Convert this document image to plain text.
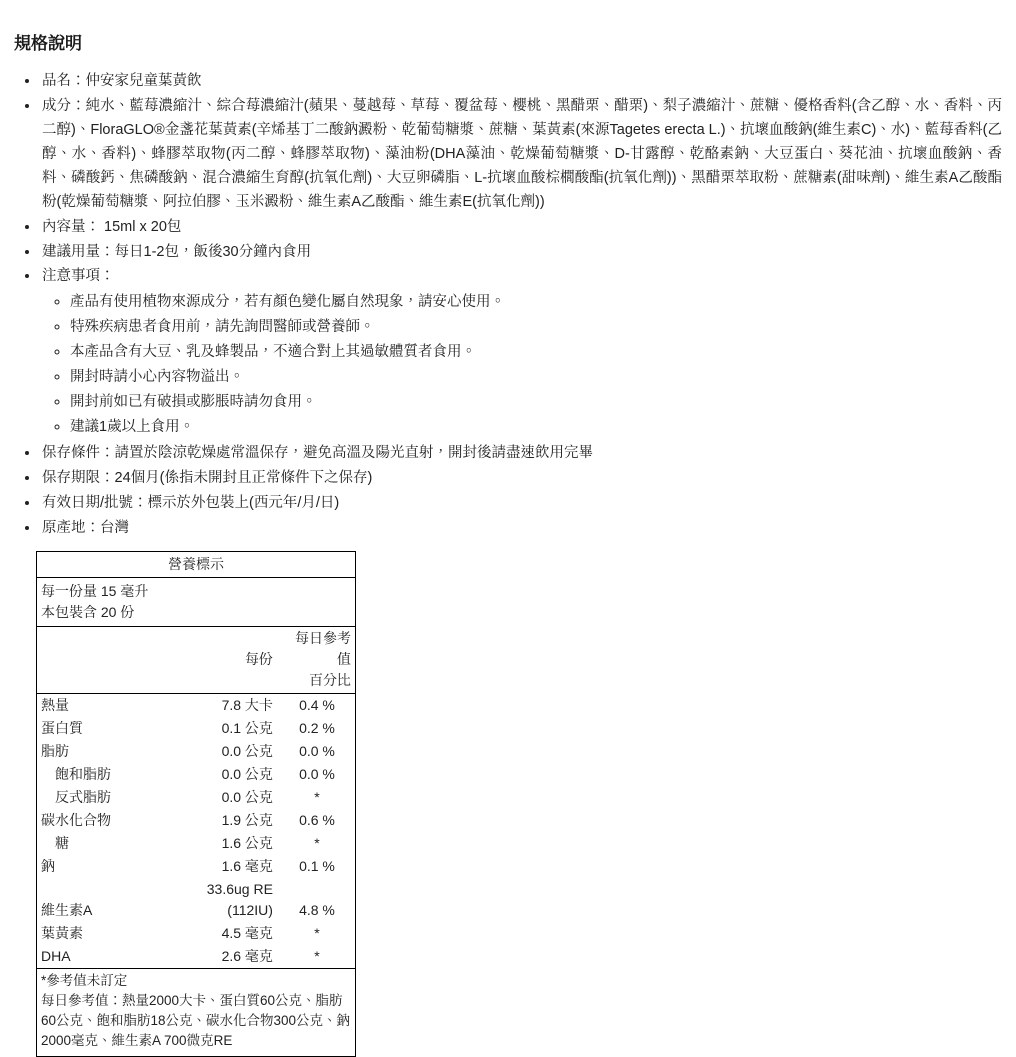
規格說明
• 品名：仲安家兒童葉黃飲
• 成分：純水、藍莓濃縮汁、綜合莓濃縮汁(蘋果、蔓越莓、草莓、覆盆莓、櫻桃、黑醋栗、醋栗)、梨子濃縮汁、蔗糖、優格香料(含乙醇、水、香料、丙二醇)、FloraGLO®金盞花葉黃素(辛烯基丁二酸鈉澱粉、乾葡萄糖漿、蔗糖、葉黃素(來源Tagetes erecta L.)、抗壞血酸鈉(維生素C)、水)、藍莓香料(乙醇、水、香料)、蜂膠萃取物(丙二醇、蜂膠萃取物)、藻油粉(DHA藻油、乾燥葡萄糖漿、D-甘露醇、乾酪素鈉、大豆蛋白、葵花油、抗壞血酸鈉、香料、磷酸鈣、焦磷酸鈉、混合濃縮生育醇(抗氧化劑)、大豆卵磷脂、L-抗壞血酸棕櫚酸酯(抗氧化劑))、黑醋栗萃取粉、蔗糖素(甜味劑)、維生素A乙酸酯粉(乾燥葡萄糖漿、阿拉伯膠、玉米澱粉、維生素A乙酸酯、維生素E(抗氧化劑))
• 內容量： 15ml x 20包
• 建議用量：每日1-2包，飯後30分鐘內食用
• 注意事項：
◦ 產品有使用植物來源成分，若有顏色變化屬自然現象，請安心使用。
◦ 特殊疾病患者食用前，請先詢問醫師或營養師。
◦ 本產品含有大豆、乳及蜂製品，不適合對上其過敏體質者食用。
◦ 開封時請小心內容物溢出。
◦ 開封前如已有破損或膨脹時請勿食用。
◦ 建議1歲以上食用。
• 保存條件：請置於陰涼乾燥處常溫保存，避免高溫及陽光直射，開封後請盡速飲用完畢
• 保存期限：24個月(係指未開封且正常條件下之保存)
• 有效日期/批號：標示於外包裝上(西元年/月/日)
• 原產地：台灣
營養標示		

每一份量 15 毫升
本包裝含 20 份		

	每份	每日參考值
		百分比
熱量	7.8 大卡	0.4 %
蛋白質	0.1 公克	0.2 %
脂肪	0.0 公克	0.0 %
飽和脂肪	0.0 公克	0.0 %
反式脂肪	0.0 公克	*
碳水化合物	1.9 公克	0.6 %
糖	1.6 公克	*
鈉	1.6 毫克	0.1 %
維生素A	33.6ug RE (112IU)	4.8 %
葉黃素	4.5 毫克	*
DHA	2.6 毫克	*

*參考值未訂定
每日參考值：熱量2000大卡、蛋白質60公克、脂肪60公克、飽和脂肪18公克、碳水化合物300公克、鈉2000毫克、維生素A 700微克RE		
